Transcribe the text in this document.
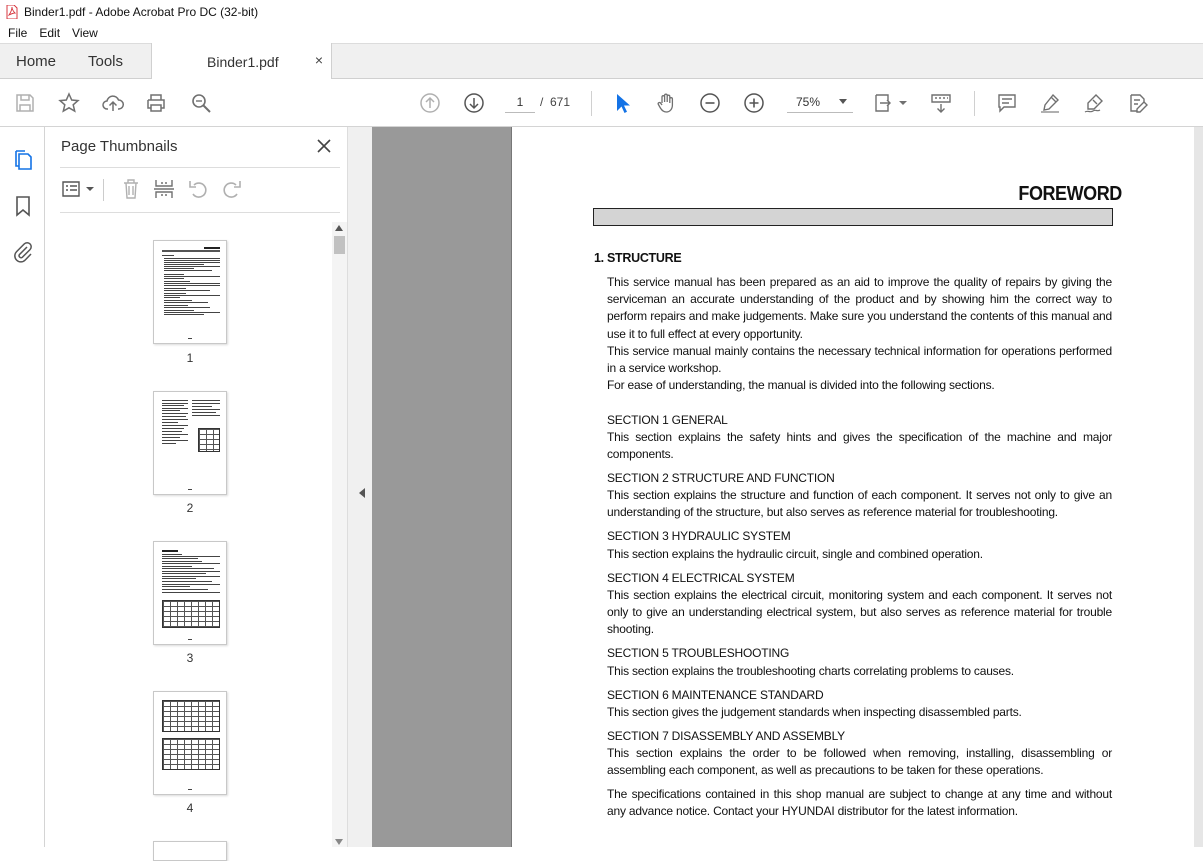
Binder1.pdf - Adobe Acrobat Pro DC (32-bit)
File	Edit	View
Home Tools	Binder1.pdf	×
1	/ 671	75%
Page Thumbnails
1
2
3
4
FOREWORD
1. STRUCTURE
This service manual has been prepared as an aid to improve the quality of repairs by giving the serviceman an accurate understanding of the product and by showing him the correct way to perform repairs and make judgements. Make sure you understand the contents of this manual and use it to full effect at every opportunity.
This service manual mainly contains the necessary technical information for operations performed in a service workshop.
For ease of understanding, the manual is divided into the following sections.
SECTION 1 GENERAL
This section explains the safety hints and gives the specification of the machine and major components.
SECTION 2 STRUCTURE AND FUNCTION
This section explains the structure and function of each component. It serves not only to give an understanding of the structure, but also serves as reference material for troubleshooting.
SECTION 3 HYDRAULIC SYSTEM
This section explains the hydraulic circuit, single and combined operation.
SECTION 4 ELECTRICAL SYSTEM
This section explains the electrical circuit, monitoring system and each component. It serves not only to give an understanding electrical system, but also serves as reference material for trouble shooting.
SECTION 5 TROUBLESHOOTING
This section explains the troubleshooting charts correlating problems to causes.
SECTION 6 MAINTENANCE STANDARD
This section gives the judgement standards when inspecting disassembled parts.
SECTION 7 DISASSEMBLY AND ASSEMBLY
This section explains the order to be followed when removing, installing, disassembling or assembling each component, as well as precautions to be taken for these operations.
The specifications contained in this shop manual are subject to change at any time and without any advance notice. Contact your HYUNDAI distributor for the latest information.
